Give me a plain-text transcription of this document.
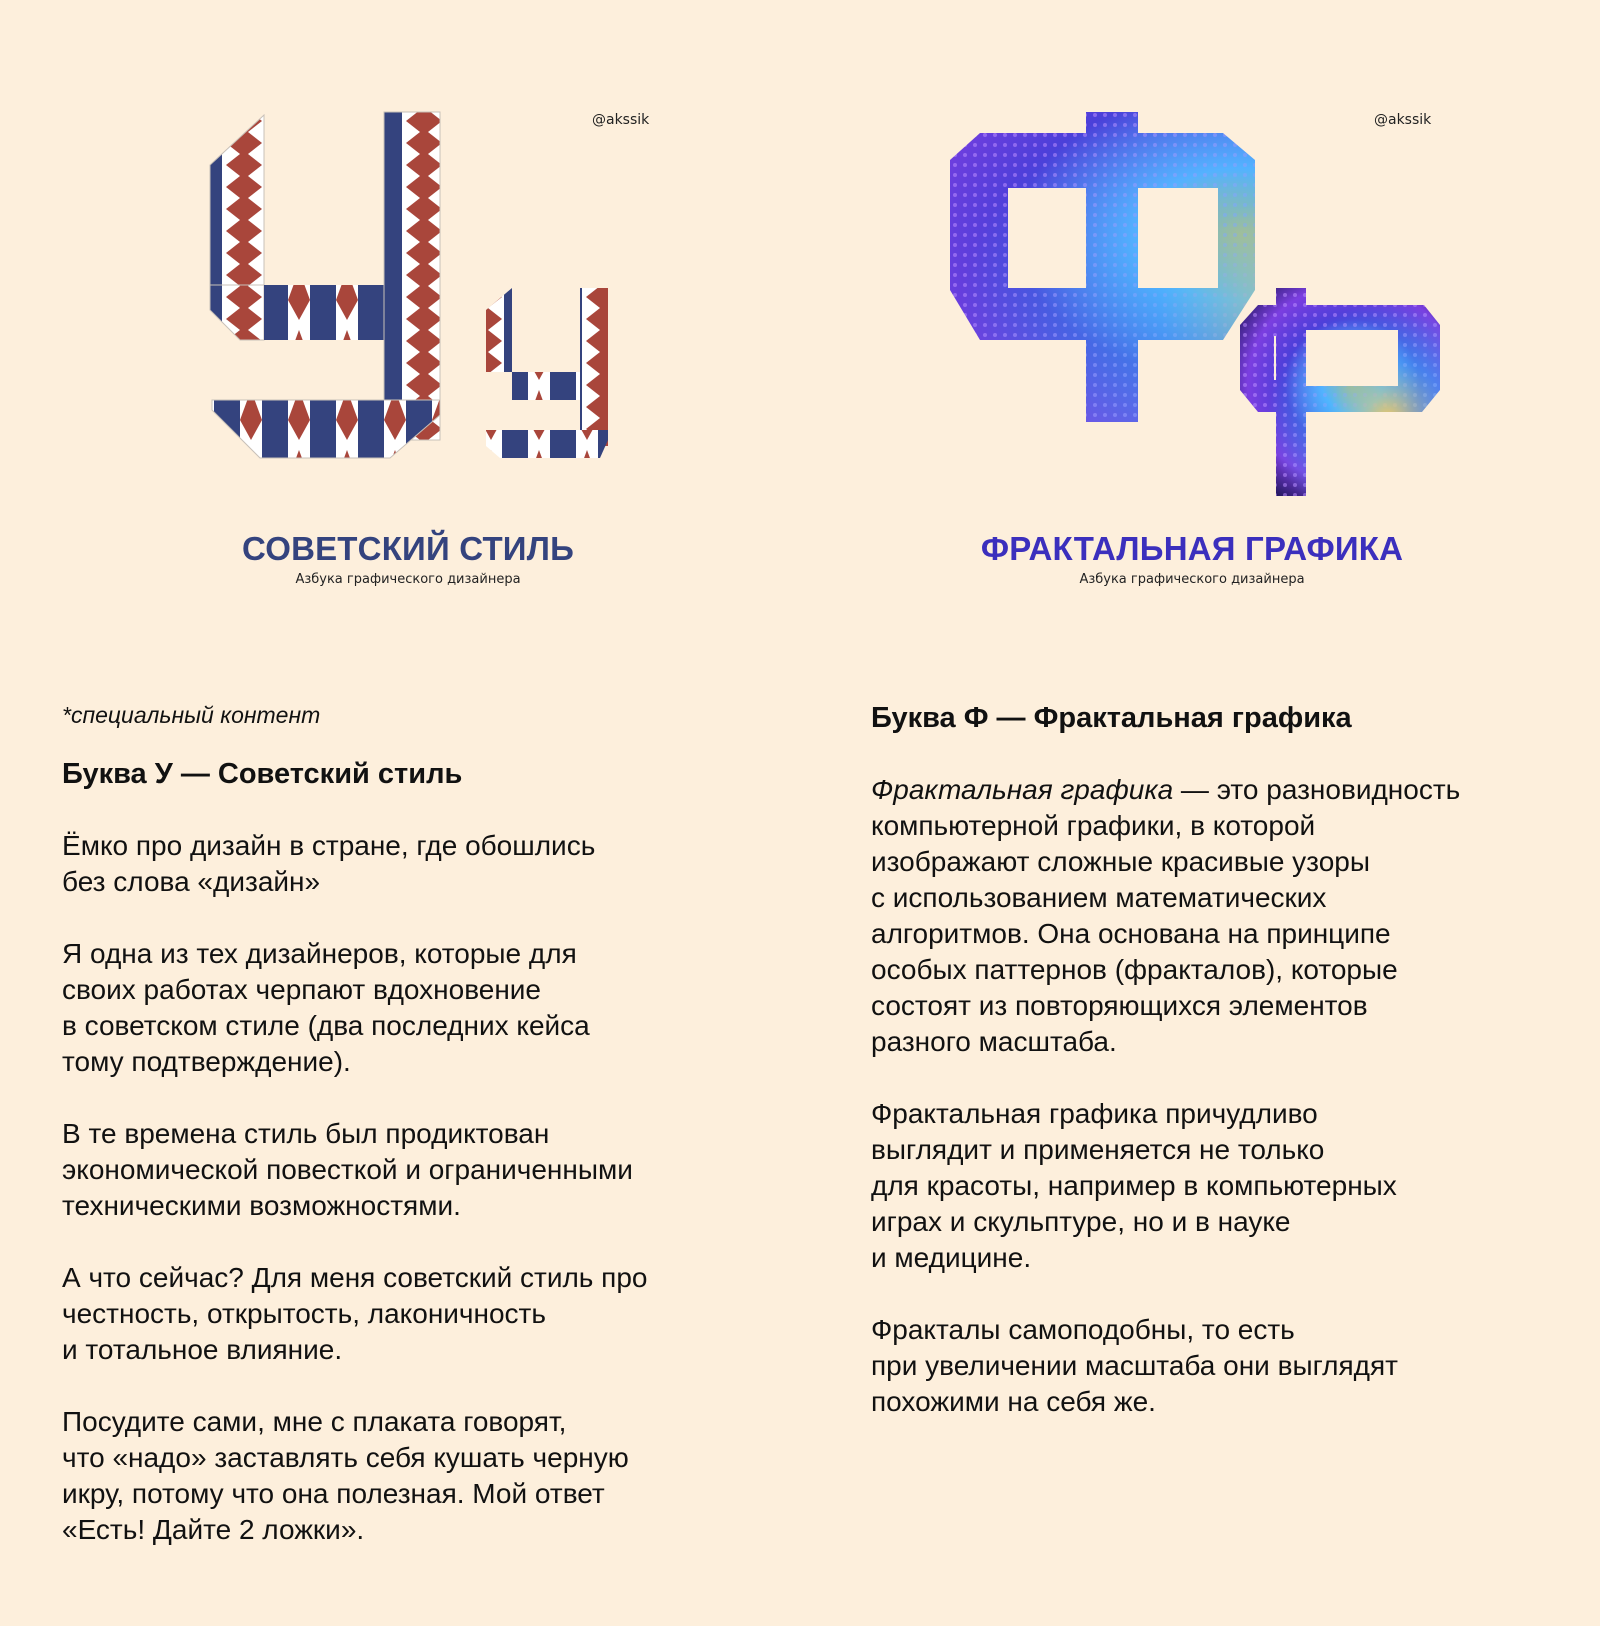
@akssik
СОВЕТСКИЙ СТИЛЬ
Азбука графического дизайнера
@akssik
ФРАКТАЛЬНАЯ ГРАФИКА
Азбука графического дизайнера
*специальный контент
Буква У — Советский стиль
Ёмко про дизайн в стране, где обошлись
без слова «дизайн»
Я одна из тех дизайнеров, которые для
своих работах черпают вдохновение
в советском стиле (два последних кейса
тому подтверждение).
В те времена стиль был продиктован
экономической повесткой и ограниченными
техническими возможностями.
А что сейчас? Для меня советский стиль про
честность, открытость, лаконичность
и тотальное влияние.
Посудите сами, мне с плаката говорят,
что «надо» заставлять себя кушать черную
икру, потому что она полезная. Мой ответ
«Есть! Дайте 2 ложки».
Буква Ф — Фрактальная графика
Фрактальная графика — это разновидность
компьютерной графики, в которой
изображают сложные красивые узоры
с использованием математических
алгоритмов. Она основана на принципе
особых паттернов (фракталов), которые
состоят из повторяющихся элементов
разного масштаба.
Фрактальная графика причудливо
выглядит и применяется не только
для красоты, например в компьютерных
играх и скульптуре, но и в науке
и медицине.
Фракталы самоподобны, то есть
при увеличении масштаба они выглядят
похожими на себя же.
